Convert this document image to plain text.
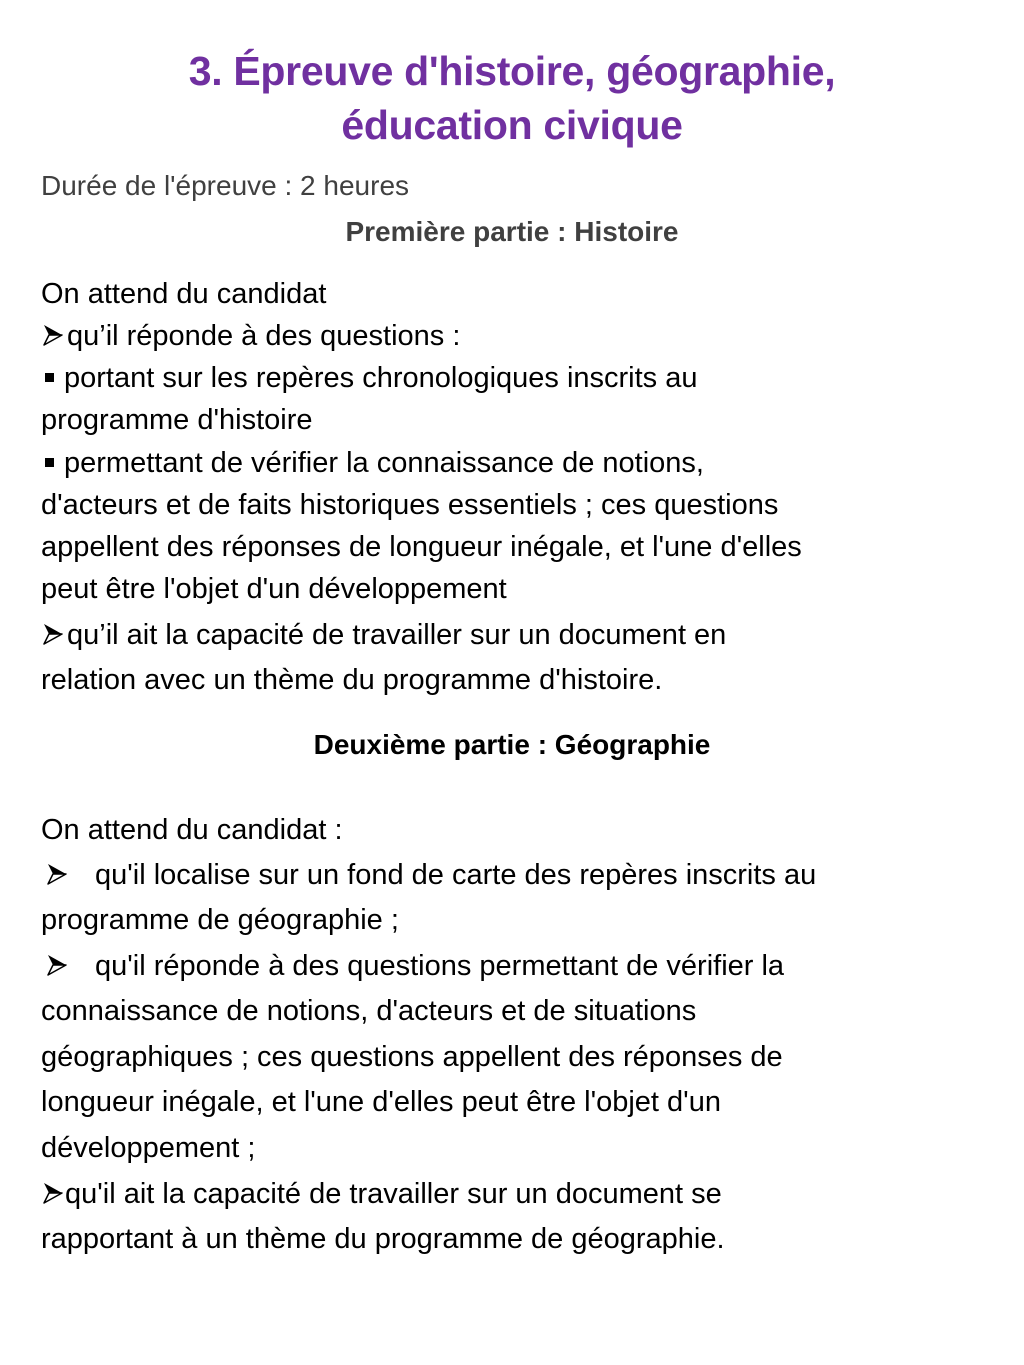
3. Épreuve d'histoire, géographie,
éducation civique
Durée de l'épreuve : 2 heures
Première partie : Histoire
On attend du candidat
qu’il réponde à des questions :
portant sur les repères chronologiques inscrits au
programme d'histoire
permettant de vérifier la connaissance de notions,
d'acteurs et de faits historiques essentiels ; ces questions
appellent des réponses de longueur inégale, et l'une d'elles
peut être l'objet d'un développement
qu’il ait la capacité de travailler sur un document en
relation avec un thème du programme d'histoire.
Deuxième partie : Géographie
On attend du candidat :
qu'il localise sur un fond de carte des repères inscrits au
programme de géographie ;
qu'il réponde à des questions permettant de vérifier la
connaissance de notions, d'acteurs et de situations
géographiques ; ces questions appellent des réponses de
longueur inégale, et l'une d'elles peut être l'objet d'un
développement ;
qu'il ait la capacité de travailler sur un document se
rapportant à un thème du programme de géographie.
